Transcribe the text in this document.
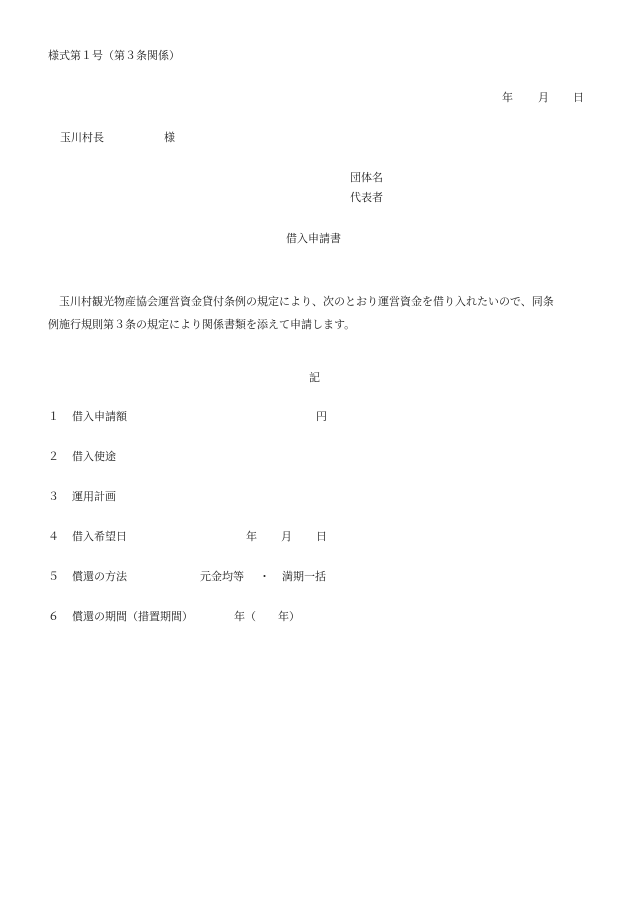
様式第１号（第３条関係）
年 月 日
玉川村長	様
団体名
代表者
借入申請書
玉川村観光物産協会運営資金貸付条例の規定により、次のとおり運営資金を借り入れたいので、同条
例施行規則第３条の規定により関係書類を添えて申請します。
記
１ 借入申請額	円
２ 借入使途
３ 運用計画
４ 借入希望日	年 月 日
５ 償還の方法	元金均等 ・ 満期一括
６ 償還の期間（措置期間）	年（　　年）
